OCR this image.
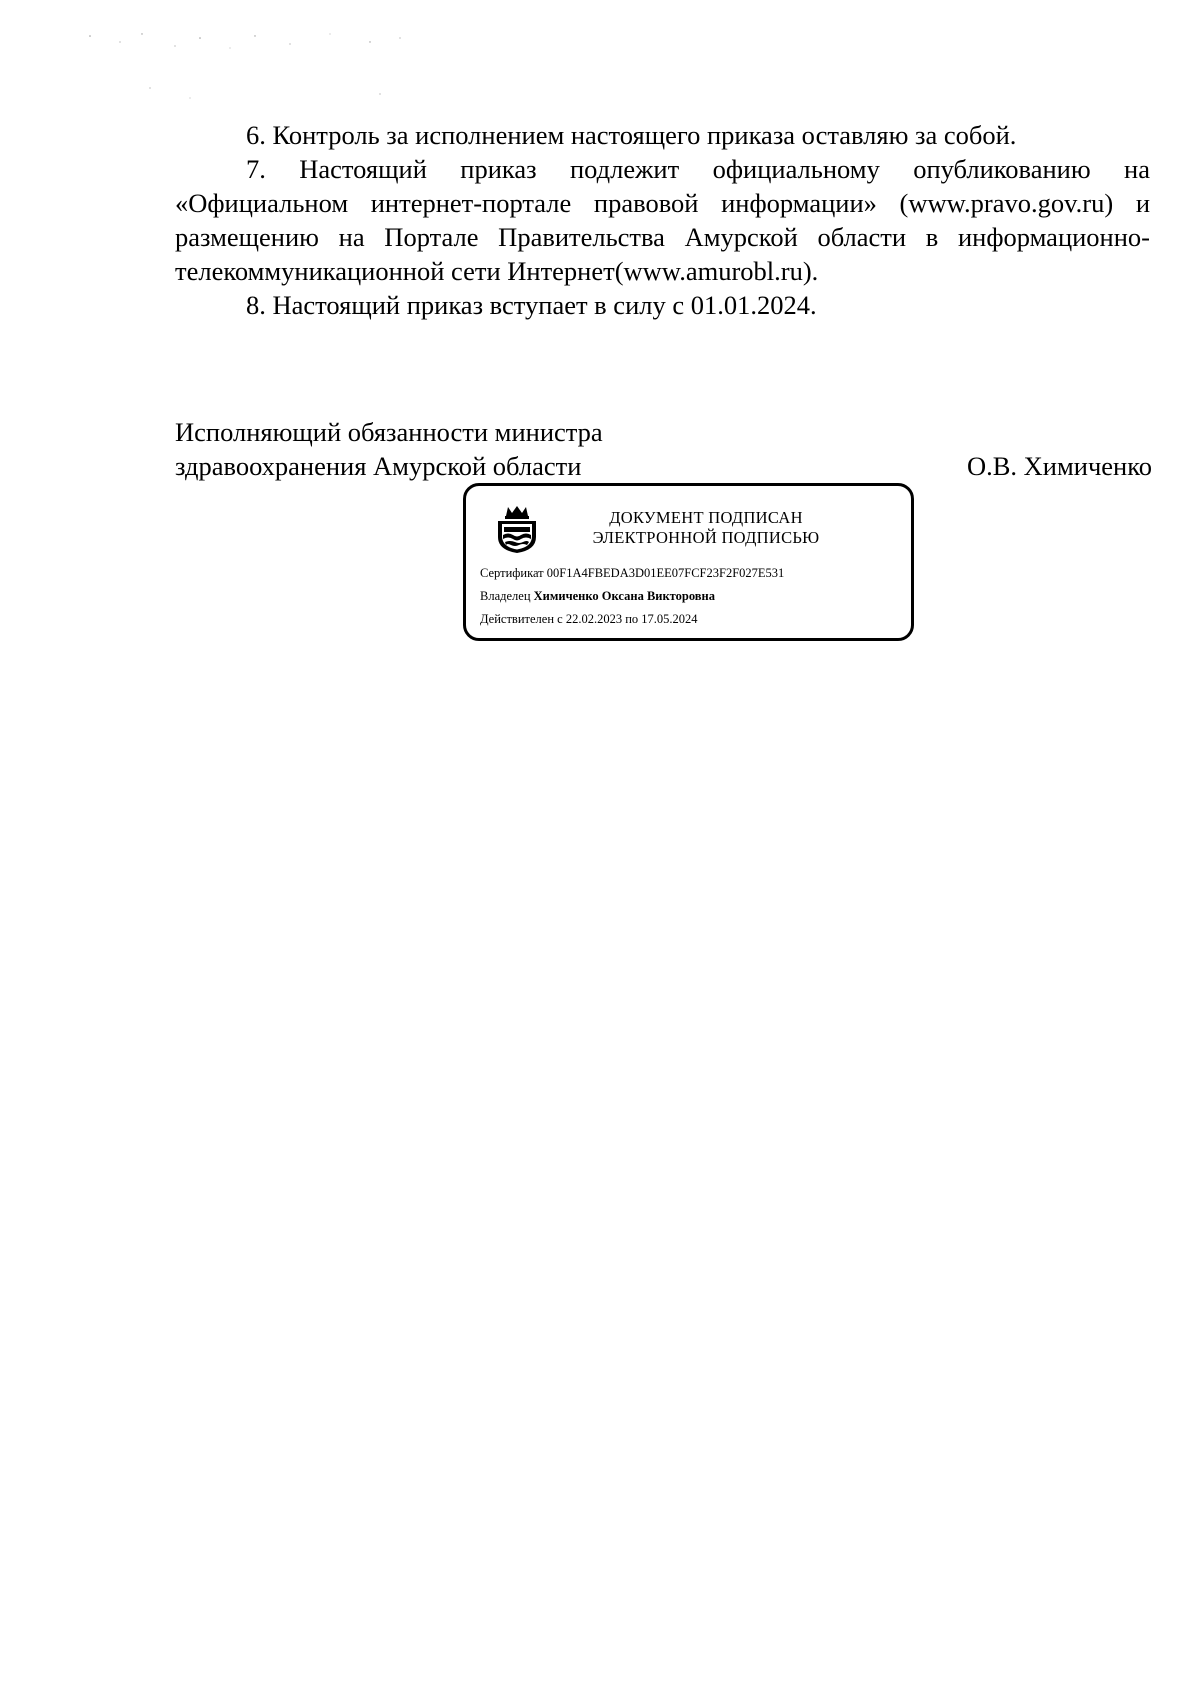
6. Контроль за исполнением настоящего приказа оставляю за собой.

7. Настоящий приказ подлежит официальному опубликованию на «Официальном интернет-портале правовой информации» (www.pravo.gov.ru) и размещению на Портале Правительства Амурской области в информационно-телекоммуникационной сети Интернет(www.amurobl.ru).

8. Настоящий приказ вступает в силу с 01.01.2024.

Исполняющий обязанности министра
здравоохранения Амурской области	О.В. Химиченко
ДОКУМЕНТ ПОДПИСАН
ЭЛЕКТРОННОЙ ПОДПИСЬЮ
Сертификат 00F1A4FBEDA3D01EE07FCF23F2F027E531
Владелец Химиченко Оксана Викторовна
Действителен с 22.02.2023 по 17.05.2024
